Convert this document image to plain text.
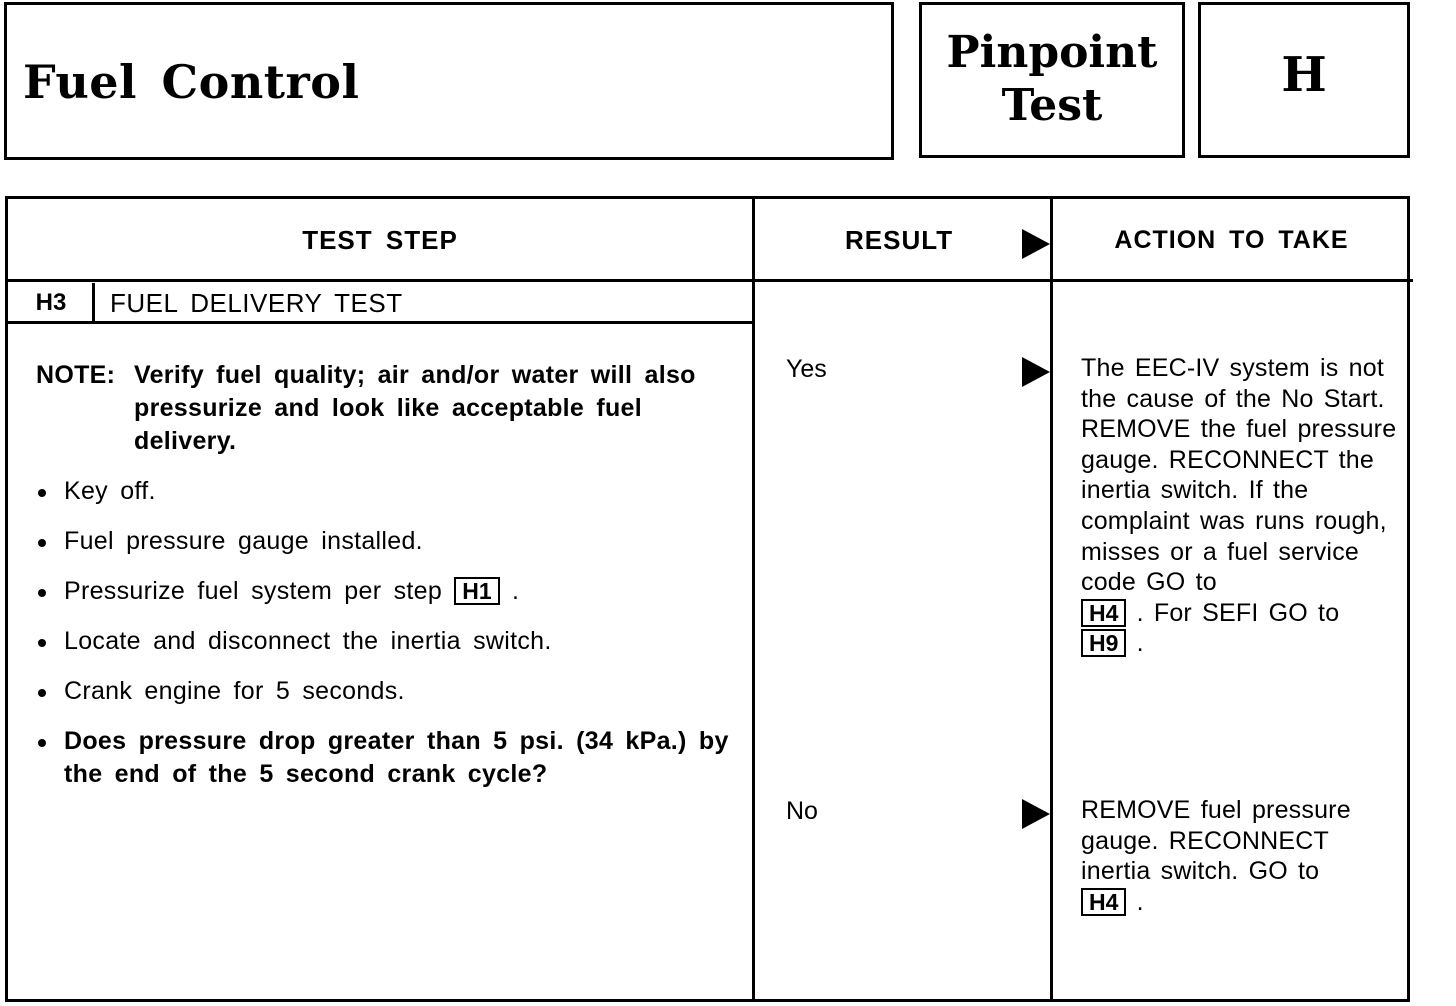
Fuel Control
Pinpoint
Test
H
TEST STEP	RESULT	ACTION TO TAKE
H3	FUEL DELIVERY TEST
NOTE: Verify fuel quality; air and/or water will also pressurize and look like acceptable fuel delivery.
Key off.
Fuel pressure gauge installed.
Pressurize fuel system per step H1 .
Locate and disconnect the inertia switch.
Crank engine for 5 seconds.
Does pressure drop greater than 5 psi. (34 kPa.) by the end of the 5 second crank cycle?
Yes	The EEC-IV system is not the cause of the No Start. REMOVE the fuel pressure gauge. RECONNECT the inertia switch. If the complaint was runs rough, misses or a fuel service code GO to
H4 . For SEFI GO to
H9 .

No	REMOVE fuel pressure gauge. RECONNECT inertia switch. GO to
H4 .
